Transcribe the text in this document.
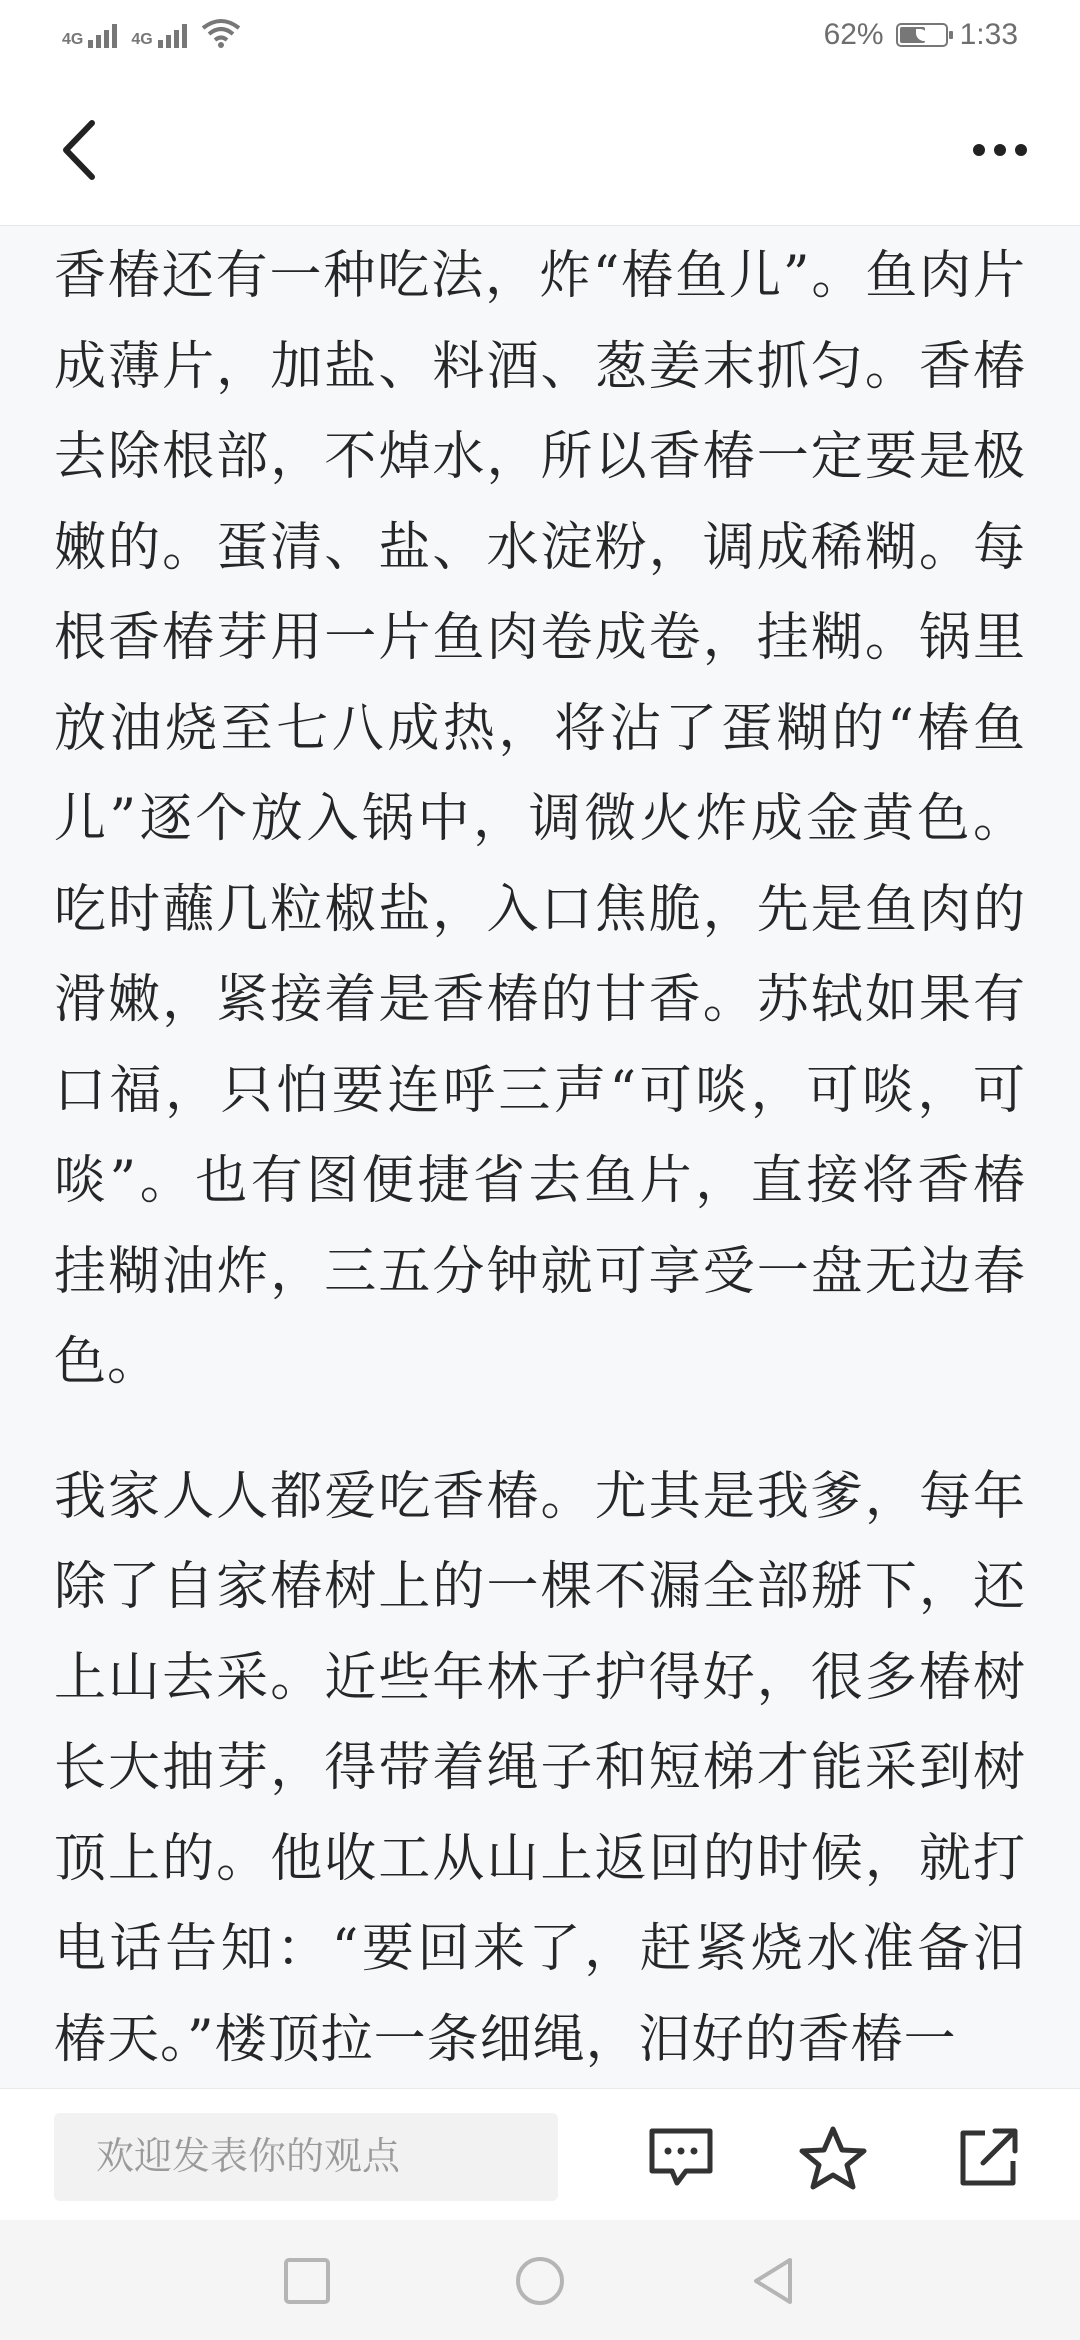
4G	4G	62%	1:33

香椿还有一种吃法，炸“椿鱼儿”。鱼肉片成薄片，加盐、料酒、葱姜末抓匀。香椿去除根部，不焯水，所以香椿一定要是极嫩的。蛋清、盐、水淀粉，调成稀糊。每根香椿芽用一片鱼肉卷成卷，挂糊。锅里放油烧至七八成热，将沾了蛋糊的“椿鱼儿”逐个放入锅中，调微火炸成金黄色。吃时蘸几粒椒盐，入口焦脆，先是鱼肉的滑嫩，紧接着是香椿的甘香。苏轼如果有口福，只怕要连呼三声“可啖，可啖，可啖”。也有图便捷省去鱼片，直接将香椿挂糊油炸，三五分钟就可享受一盘无边春色。

我家人人都爱吃香椿。尤其是我爹，每年除了自家椿树上的一棵不漏全部掰下，还上山去采。近些年林子护得好，很多椿树长大抽芽，得带着绳子和短梯才能采到树顶上的。他收工从山上返回的时候，就打电话告知：“要回来了，赶紧烧水准备汨椿天。”楼顶拉一条细绳，汨好的香椿一

欢迎发表你的观点
